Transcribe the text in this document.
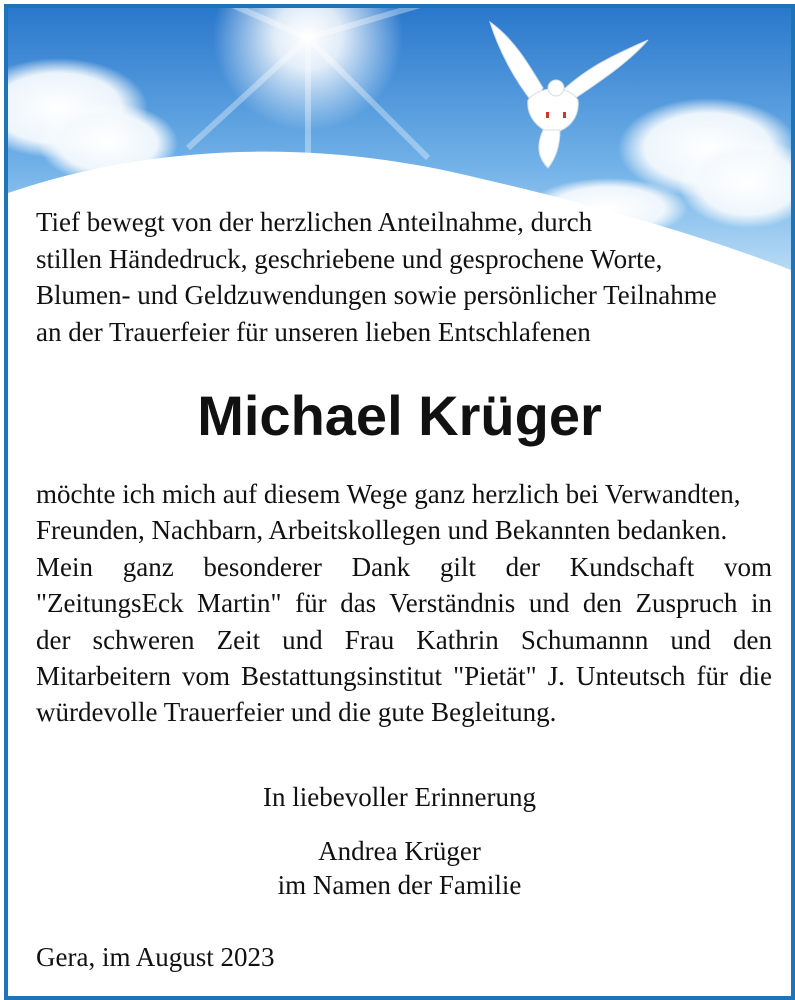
Tief bewegt von der herzlichen Anteilnahme, durch
stillen Händedruck, geschriebene und gesprochene Worte,
Blumen- und Geldzuwendungen sowie persönlicher Teilnahme
an der Trauerfeier für unseren lieben Entschlafenen
Michael Krüger
möchte ich mich auf diesem Wege ganz herzlich bei Verwandten,
Freunden, Nachbarn, Arbeitskollegen und Bekannten bedanken.
Mein ganz besonderer Dank gilt der Kundschaft vom
"ZeitungsEck Martin" für das Verständnis und den Zuspruch in
der schweren Zeit und Frau Kathrin Schumannn und den
Mitarbeitern vom Bestattungsinstitut "Pietät" J. Unteutsch für die
würdevolle Trauerfeier und die gute Begleitung.
In liebevoller Erinnerung
Andrea Krüger
im Namen der Familie
Gera, im August 2023
